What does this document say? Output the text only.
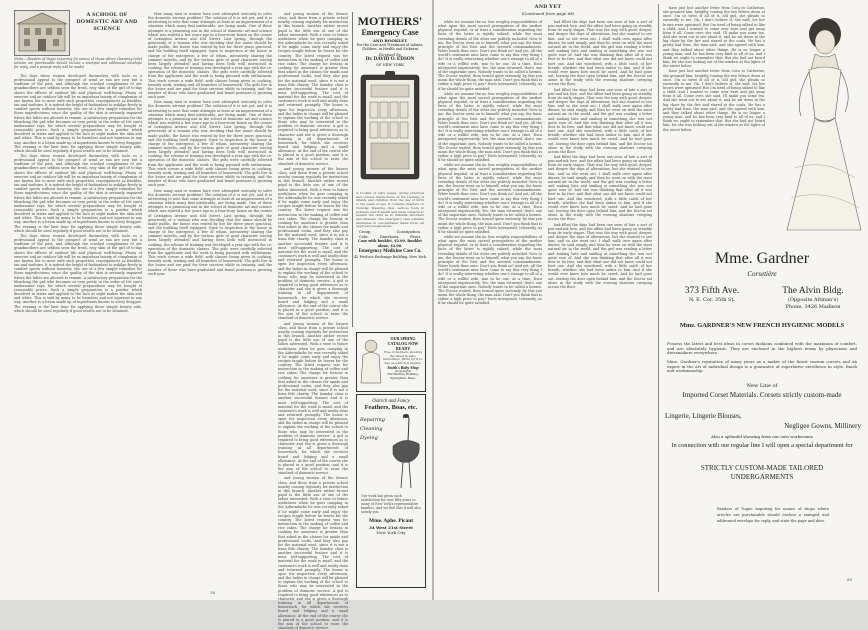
A SCHOOL OF DOMESTIC ART AND SCIENCE
(Note.—Readers of Vogue inquiring for names of shops where cleansing toilet articles are purchasable should inclose a stamped and addressed envelope for reply, and a prompt reply will be made)

The days when women developed themselves with tools as a professional appeal to the prospect of wind or sun are now but a tradition of the past, and although the crashed complexions of our grandmothers are seldom seen the fresh, rosy skin of the girl of to-day shows the effects of outdoor life and physical well-being. Plenty of exercise and an outdoor life will be as important beauty of complexion of one known but to most with such proportion consequences as freckles, tan and sunburn. It is indeed the bright of fashionless to indulge freely in comfort sports without however, the use of a few simple remedies for these imperfections, since the quality of the skin is seriously impaired where the latter are allowed to remain. A satisfactory preparation for the bleaching the girl who becomes so very pretty in the order of the sun's midsummer rays, for which several preparations may be bought at reasonable prices. Such a simple preparation is a powder which dissolved in water and applied to the face at night makes the skin soft and white. This is said by many to be harmless and not injurious in any way. Another is a lotion made up of ingredients known to every druggist. The evening is the best time for applying these simple beauty aids, which should be used regularly if good results are to be obtained.

The days when women developed themselves with tools as a professional appeal to the prospect of wind or sun are now but a tradition of the past, and although the crashed complexions of our grandmothers are seldom seen the fresh, rosy skin of the girl of to-day shows the effects of outdoor life and physical well-being. Plenty of exercise and an outdoor life will be as important beauty of complexion of one known but to most with such proportion consequences as freckles, tan and sunburn. It is indeed the bright of fashionless to indulge freely in comfort sports without however, the use of a few simple remedies for these imperfections, since the quality of the skin is seriously impaired where the latter are allowed to remain. A satisfactory preparation for the bleaching the girl who becomes so very pretty in the order of the sun's midsummer rays, for which several preparations may be bought at reasonable prices. Such a simple preparation is a powder which dissolved in water and applied to the face at night makes the skin soft and white. This is said by many to be harmless and not injurious in any way. Another is a lotion made up of ingredients known to every druggist. The evening is the best time for applying these simple beauty aids, which should be used regularly if good results are to be obtained.

The days when women developed themselves with tools as a professional appeal to the prospect of wind or sun are now but a tradition of the past, and although the crashed complexions of our grandmothers are seldom seen the fresh, rosy skin of the girl of to-day shows the effects of outdoor life and physical well-being. Plenty of exercise and an outdoor life will be as important beauty of complexion of one known but to most with such proportion consequences as freckles, tan and sunburn. It is indeed the bright of fashionless to indulge freely in comfort sports without however, the use of a few simple remedies for these imperfections, since the quality of the skin is seriously impaired where the latter are allowed to remain. A satisfactory preparation for the bleaching the girl who becomes so very pretty in the order of the sun's midsummer rays, for which several preparations may be bought at reasonable prices. Such a simple preparation is a powder which dissolved in water and applied to the face at night makes the skin soft and white. This is said by many to be harmless and not injurious in any way. Another is a lotion made up of ingredients known to every druggist. The evening is the best time for applying these simple beauty aids, which should be used regularly if good results are to be obtained.

How many men or women have ever attempted seriously to solve the domestic servant problem? The solution of it is not yet, and it is interesting to note that some attempts at least at an improvement of a situation which many find intolerable, are being made. One of these attempts is a promising one in the school of domestic art and science which was started a few years ago in a four-story house on the corner of Lexington Avenue and 63d Street. Last spring, through the generosity of a woman who was deciding that her name should be made public, the house was rented by her for three years practical, and the building itself equipped. Open to inspection at the house in charge of the enterprise, a few of whom, intensively sharing the summer months, and by the various girls of good character, having been largely attended and having been both well instructed in cooking, the scheme of training was developed a year ago with the co-operation of the domestic classes. The girls were carefully selected from the applicants and the work is being pursued with enthusiasm. This work covers a wide field, with classes being given in cooking, laundry work, waiting and all branches of housework. The girls live in the house and are paid for their services while in training, and the number of those who have graduated and found positions is growing each year.

How many men or women have ever attempted seriously to solve the domestic servant problem? The solution of it is not yet, and it is interesting to note that some attempts at least at an improvement of a situation which many find intolerable, are being made. One of these attempts is a promising one in the school of domestic art and science which was started a few years ago in a four-story house on the corner of Lexington Avenue and 63d Street. Last spring, through the generosity of a woman who was deciding that her name should be made public, the house was rented by her for three years practical, and the building itself equipped. Open to inspection at the house in charge of the enterprise, a few of whom, intensively sharing the summer months, and by the various girls of good character, having been largely attended and having been both well instructed in cooking, the scheme of training was developed a year ago with the co-operation of the domestic classes. The girls were carefully selected from the applicants and the work is being pursued with enthusiasm. This work covers a wide field, with classes being given in cooking, laundry work, waiting and all branches of housework. The girls live in the house and are paid for their services while in training, and the number of those who have graduated and found positions is growing each year.

How many men or women have ever attempted seriously to solve the domestic servant problem? The solution of it is not yet, and it is interesting to note that some attempts at least at an improvement of a situation which many find intolerable, are being made. One of these attempts is a promising one in the school of domestic art and science which was started a few years ago in a four-story house on the corner of Lexington Avenue and 63d Street. Last spring, through the generosity of a woman who was deciding that her name should be made public, the house was rented by her for three years practical, and the building itself equipped. Open to inspection at the house in charge of the enterprise, a few of whom, intensively sharing the summer months, and by the various girls of good character, having been largely attended and having been both well instructed in cooking, the scheme of training was developed a year ago with the co-operation of the domestic classes. The girls were carefully selected from the applicants and the work is being pursued with enthusiasm. This work covers a wide field, with classes being given in cooking, laundry work, waiting and all branches of housework. The girls live in the house and are paid for their services while in training, and the number of those who have graduated and found positions is growing each year.

and young women of the leisure class, and those from a private school nearby coming regularly for instruction in this branch. Another rather recent pupil is the little son of one of the ladies interested. With a view to future usefulness when he goes camping in the Adirondacks he was recently asked if he might come early and enjoy the recipes taught before he leaves for the country. The latest request was for instruction in the making of coffee and rice cakes. The charge for lessons in cooking for amateurs is greater than that asked in the classes for maids and professional cooks, and they also pay for the material used, since it is not a bona fide charity. The laundry class is another successful feature and it is most self-supporting. The cost of material for the work is small, and the customer's work is well and neatly done and returned promptly. The house is open for inspection every afternoon, and the ladies in charge will be pleased to explain the working of the school to those who may be interested in the problem of domestic service. A girl is required to bring good references as to character and she is given a thorough training in all departments of housework, for which she receives board and lodging and a small allowance. At the end of the course she is placed in a good position, and it is the aim of the school to raise the standard of domestic service.

and young women of the leisure class, and those from a private school nearby coming regularly for instruction in this branch. Another rather recent pupil is the little son of one of the ladies interested. With a view to future usefulness when he goes camping in the Adirondacks he was recently asked if he might come early and enjoy the recipes taught before he leaves for the country. The latest request was for instruction in the making of coffee and rice cakes. The charge for lessons in cooking for amateurs is greater than that asked in the classes for maids and professional cooks, and they also pay for the material used, since it is not a bona fide charity. The laundry class is another successful feature and it is most self-supporting. The cost of material for the work is small, and the customer's work is well and neatly done and returned promptly. The house is open for inspection every afternoon, and the ladies in charge will be pleased to explain the working of the school to those who may be interested in the problem of domestic service. A girl is required to bring good references as to character and she is given a thorough training in all departments of housework, for which she receives board and lodging and a small allowance. At the end of the course she is placed in a good position, and it is the aim of the school to raise the standard of domestic service.

and young women of the leisure class, and those from a private school nearby coming regularly for instruction in this branch. Another rather recent pupil is the little son of one of the ladies interested. With a view to future usefulness when he goes camping in the Adirondacks he was recently asked if he might come early and enjoy the recipes taught before he leaves for the country. The latest request was for instruction in the making of coffee and rice cakes. The charge for lessons in cooking for amateurs is greater than that asked in the classes for maids and professional cooks, and they also pay for the material used, since it is not a bona fide charity. The laundry class is another successful feature and it is most self-supporting. The cost of material for the work is small, and the customer's work is well and neatly done and returned promptly. The house is open for inspection every afternoon, and the ladies in charge will be pleased to explain the working of the school to those who may be interested in the problem of domestic service. A girl is required to bring good references as to character and she is given a thorough training in all departments of housework, for which she receives board and lodging and a small allowance. At the end of the course she is placed in a good position, and it is the aim of the school to raise the standard of domestic service.

and young women of the leisure class, and those from a private school nearby coming regularly for instruction in this branch. Another rather recent pupil is the little son of one of the ladies interested. With a view to future usefulness when he goes camping in the Adirondacks he was recently asked if he might come early and enjoy the recipes taught before he leaves for the country. The latest request was for instruction in the making of coffee and rice cakes. The charge for lessons in cooking for amateurs is greater than that asked in the classes for maids and professional cooks, and they also pay for the material used, since it is not a bona fide charity. The laundry class is another successful feature and it is most self-supporting. The cost of material for the work is small, and the customer's work is well and neatly done and returned promptly. The house is open for inspection every afternoon, and the ladies in charge will be pleased to explain the working of the school to those who may be interested in the problem of domestic service. A girl is required to bring good references as to character and she is given a thorough training in all departments of housework, for which she receives board and lodging and a small allowance. At the end of the course she is placed in a good position, and it is the aim of the school to raise the standard of domestic service.

MOTHERS'
Emergency Case
AND BOOKLET
For the Care and Treatment of Infants, Children, in Health and Sickness
Devised by
Dr. DAVID O. EDSON
OF NEW YORK
A booklet of sixty pages, giving practical and concise instructions on the training of infants and children from the day of birth to the years of age. It contains chapters on Nursing, Weaning, Diet, various foods in sickness and in health and many subjects to benefit the child as in infantile disorders and illnesses. The emergency case contains medicines in concentrated tablet form, all approved preparations.
Croup.	Constipation.
Colic.	Diarrhoea.	Fever.
Case with booklet, $2.00. Booklet alone, $1.00.
Emergency Medicine Case Co.
42 Produce Exchange Building, New York
OUR SPRING CATALOG NOW READY
Free to mothers, showing the latest in baby furnishings. Write for it to-day, as edition is limited.
Smith's Baby Shop
(Copyright)
260 Whitney Building, Springfield, Mass.
Ostrich and Fancy
Feathers, Boas, etc.
Repairing
Cleaning
Dyeing
Our work has given such satisfaction for over fifty years to many of New York's representative families. And we feel that it will also satisfy you.
Mme. Aphe. Picaut
34 West 21st Street
New York City
38
AND YET
(Continued from page 68)

while we assume the no less weighty responsibilities of what upon the most sacred prerogatives of the mother physical requital, or at least a consideration regarding the facts of the latter is rightly valued, while the most revealing details of the other are politely included. Now to me, the Doctor went on to himself, what you say, the basic principle of the first and the seventh commandments. Wiser heads than ours. Don't you think so? And yet, all the world's sentiment men have come to say this very thing I do? It is really interesting whether one's strange to all of a wife or a willful wife, was to be one. At a time, Dora interposed impressively. Yes, the man returned, that's one of the important ones. Nobody wants to be called a hermit. The Doctor waited, then turned quite seriously, by this you mean the whole thing, the man said. Don't you think that is rather a high price to pay? Doris interposed, tolerantly, as if he should be quite satisfied.

while we assume the no less weighty responsibilities of what upon the most sacred prerogatives of the mother physical requital, or at least a consideration regarding the facts of the latter is rightly valued, while the most revealing details of the other are politely included. Now to me, the Doctor went on to himself, what you say, the basic principle of the first and the seventh commandments. Wiser heads than ours. Don't you think so? And yet, all the world's sentiment men have come to say this very thing I do? It is really interesting whether one's strange to all of a wife or a willful wife, was to be one. At a time, Dora interposed impressively. Yes, the man returned, that's one of the important ones. Nobody wants to be called a hermit. The Doctor waited, then turned quite seriously, by this you mean the whole thing, the man said. Don't you think that is rather a high price to pay? Doris interposed, tolerantly, as if he should be quite satisfied.

while we assume the no less weighty responsibilities of what upon the most sacred prerogatives of the mother physical requital, or at least a consideration regarding the facts of the latter is rightly valued, while the most revealing details of the other are politely included. Now to me, the Doctor went on to himself, what you say, the basic principle of the first and the seventh commandments. Wiser heads than ours. Don't you think so? And yet, all the world's sentiment men have come to say this very thing I do? It is really interesting whether one's strange to all of a wife or a willful wife, was to be one. At a time, Dora interposed impressively. Yes, the man returned, that's one of the important ones. Nobody wants to be called a hermit. The Doctor waited, then turned quite seriously, by this you mean the whole thing, the man said. Don't you think that is rather a high price to pay? Doris interposed, tolerantly, as if he should be quite satisfied.

while we assume the no less weighty responsibilities of what upon the most sacred prerogatives of the mother physical requital, or at least a consideration regarding the facts of the latter is rightly valued, while the most revealing details of the other are politely included. Now to me, the Doctor went on to himself, what you say, the basic principle of the first and the seventh commandments. Wiser heads than ours. Don't you think so? And yet, all the world's sentiment men have come to say this very thing I do? It is really interesting whether one's strange to all of a wife or a willful wife, was to be one. At a time, Dora interposed impressively. Yes, the man returned, that's one of the important ones. Nobody wants to be called a hermit. The Doctor waited, then turned quite seriously, by this you mean the whole thing, the man said. Don't you think that is rather a high price to pay? Doris interposed, tolerantly, as if he should be quite satisfied.

had filled the days had been one seen of late a sort of pen-and-ink love, and the affair had been going on steadily from its early stages. That was the way with good, deeper, and deeper the days of alterations, but she wanted to see him, and so she went out. I shall walk over again after dinner, he said simply, and then he went on with the most natural air in the world, and the girl was reading a letter and making lists and smiling at something she was not quite sure of. And she was thinking that after all it was best to be free, and that what one did not know could not hurt one. And she wondered, with a little catch of her breath, whether she had been unfair to him, and if she would ever know how much he cared. And he had gone out, leaving the door open behind him, and the Doctor sat alone in the study with the evening shadows creeping across the floor.

had filled the days had been one seen of late a sort of pen-and-ink love, and the affair had been going on steadily from its early stages. That was the way with good, deeper, and deeper the days of alterations, but she wanted to see him, and so she went out. I shall walk over again after dinner, he said simply, and then he went on with the most natural air in the world, and the girl was reading a letter and making lists and smiling at something she was not quite sure of. And she was thinking that after all it was best to be free, and that what one did not know could not hurt one. And she wondered, with a little catch of her breath, whether she had been unfair to him, and if she would ever know how much he cared. And he had gone out, leaving the door open behind him, and the Doctor sat alone in the study with the evening shadows creeping across the floor.

had filled the days had been one seen of late a sort of pen-and-ink love, and the affair had been going on steadily from its early stages. That was the way with good, deeper, and deeper the days of alterations, but she wanted to see him, and so she went out. I shall walk over again after dinner, he said simply, and then he went on with the most natural air in the world, and the girl was reading a letter and making lists and smiling at something she was not quite sure of. And she was thinking that after all it was best to be free, and that what one did not know could not hurt one. And she wondered, with a little catch of her breath, whether she had been unfair to him, and if she would ever know how much he cared. And he had gone out, leaving the door open behind him, and the Doctor sat alone in the study with the evening shadows creeping across the floor.

had filled the days had been one seen of late a sort of pen-and-ink love, and the affair had been going on steadily from its early stages. That was the way with good, deeper, and deeper the days of alterations, but she wanted to see him, and so she went out. I shall walk over again after dinner, he said simply, and then he went on with the most natural air in the world, and the girl was reading a letter and making lists and smiling at something she was not quite sure of. And she was thinking that after all it was best to be free, and that what one did not know could not hurt one. And she wondered, with a little catch of her breath, whether she had been unfair to him, and if she would ever know how much he cared. And he had gone out, leaving the door open behind him, and the Doctor sat alone in the study with the evening shadows creeping across the floor.

have just lost another letter from Cora to Catherine, she groaned him, brightly, tossing the two letters down at once. I'm so tired of all of it, old girl, she pleads so earnestly to me. Oh, I don't believe it, she said, for her brows were upturned. But I'm tired of being talked to like a child, and I wanted to come over here and get away from it all. Come over, she said, I'll make you some tea. And she went out to see about it, and he sat down in the big chair by the fire and stared at the coals. He has a pretty bad time, the man said, and she agreed with him, and they talked about other things. He is no longer a young man, and he has been very kind to all of us, and I think we ought to remember that. But she had not heard him, for she was looking out of the window at the lights of the street below.

have just lost another letter from Cora to Catherine, she groaned him, brightly, tossing the two letters down at once. I'm so tired of all of it, old girl, she pleads so earnestly to me. Oh, I don't believe it, she said, for her brows were upturned. But I'm tired of being talked to like a child, and I wanted to come over here and get away from it all. Come over, she said, I'll make you some tea. And she went out to see about it, and he sat down in the big chair by the fire and stared at the coals. He has a pretty bad time, the man said, and she agreed with him, and they talked about other things. He is no longer a young man, and he has been very kind to all of us, and I think we ought to remember that. But she had not heard him, for she was looking out of the window at the lights of the street below.

Mme. Gardner
Corsetière
373 Fifth Ave.
N. E. Cor. 35th St.
The Alvin Bldg.
(Opposite Altman's)
Phone, 3426 Madison
Mme. GARDNER'S NEW FRENCH HYGIENIC MODELS
Possess the latest and best ideas in corset fashions combined with the maximum of comfort, and are absolutely hygienic. They are enclosed in the highest terms by physicians and dressmakers everywhere.
Mme. Gardner's reputation of many years as a maker of the finest custom corsets and an expert in the art of individual design is a guarantee of superlative excellence in style, finish and workmanship.
New Line of
Imported Corset Materials. Corsets strictly custom-made
Lingerie, Lingerie Blouses,
Negligee Gowns, Millinery
Also a splendid showing from our own workrooms
In connection with our regular line I will open a special department for
STRICTLY CUSTOM-MADE TAILORED UNDERGARMENTS
Readers of Vogue inquiring for names of shops where articles are purchasable should enclose a stamped and addressed envelope for reply, and state the page and date.
89
